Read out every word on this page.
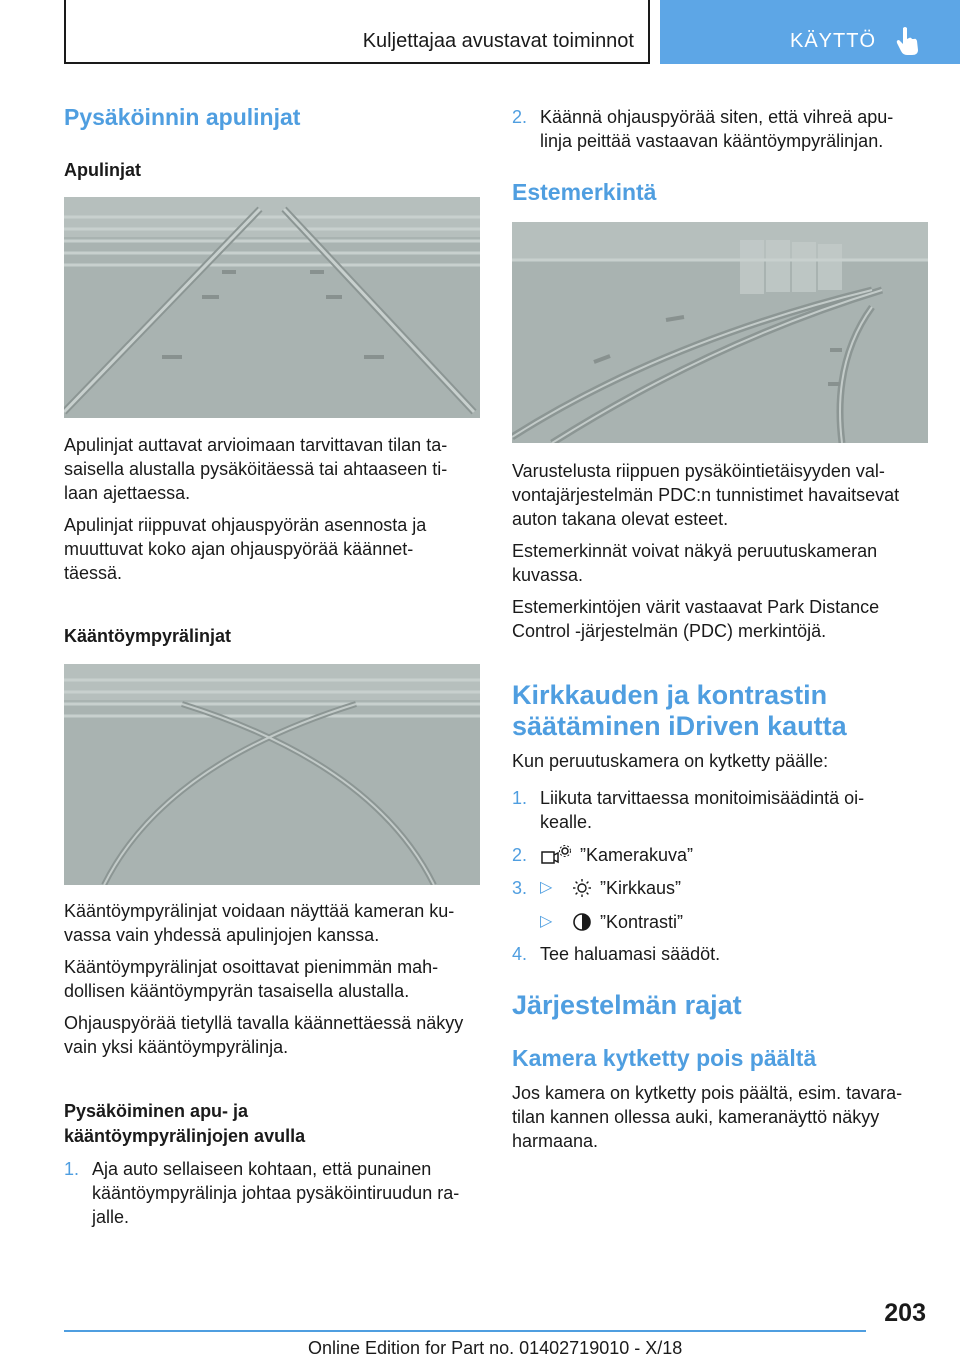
Kuljettajaa avustavat toiminnot	KÄYTTÖ
Pysäköinnin apulinjat
Apulinjat

Apulinjat auttavat arvioimaan tarvittavan tilan ta-

saisella alustalla pysäköitäessä tai ahtaaseen ti-

laan ajettaessa.

Apulinjat riippuvat ohjauspyörän asennosta ja

muuttuvat koko ajan ohjauspyörää käännet-

täessä.

Kääntöympyrälinjat

Kääntöympyrälinjat voidaan näyttää kameran ku-

vassa vain yhdessä apulinjojen kanssa.

Kääntöympyrälinjat osoittavat pienimmän mah-

dollisen kääntöympyrän tasaisella alustalla.

Ohjauspyörää tietyllä tavalla käännettäessä näkyy

vain yksi kääntöympyrälinja.

Pysäköiminen apu- ja
kääntöympyrälinjojen avulla

1. Aja auto sellaiseen kohtaan, että punainen

kääntöympyrälinja johtaa pysäköintiruudun ra-

jalle.

2. Käännä ohjauspyörää siten, että vihreä apu-

linja peittää vastaavan kääntöympyrälinjan.

Estemerkintä

Varustelusta riippuen pysäköintietäisyyden val-

vontajärjestelmän PDC:n tunnistimet havaitsevat

auton takana olevat esteet.

Estemerkinnät voivat näkyä peruutuskameran

kuvassa.

Estemerkintöjen värit vastaavat Park Distance

Control -järjestelmän (PDC) merkintöjä.

Kirkkauden ja kontrastin
säätäminen iDriven kautta

Kun peruutuskamera on kytketty päälle:

1. Liikuta tarvittaessa monitoimisäädintä oi-

kealle.

2.	”Kamerakuva”
3. ▷	”Kirkkaus”
▷	”Kontrasti”

4. Tee haluamasi säädöt.

Järjestelmän rajat
Kamera kytketty pois päältä

Jos kamera on kytketty pois päältä, esim. tavara-

tilan kannen ollessa auki, kameranäyttö näkyy

harmaana.

203
Online Edition for Part no. 01402719010 - X/18
